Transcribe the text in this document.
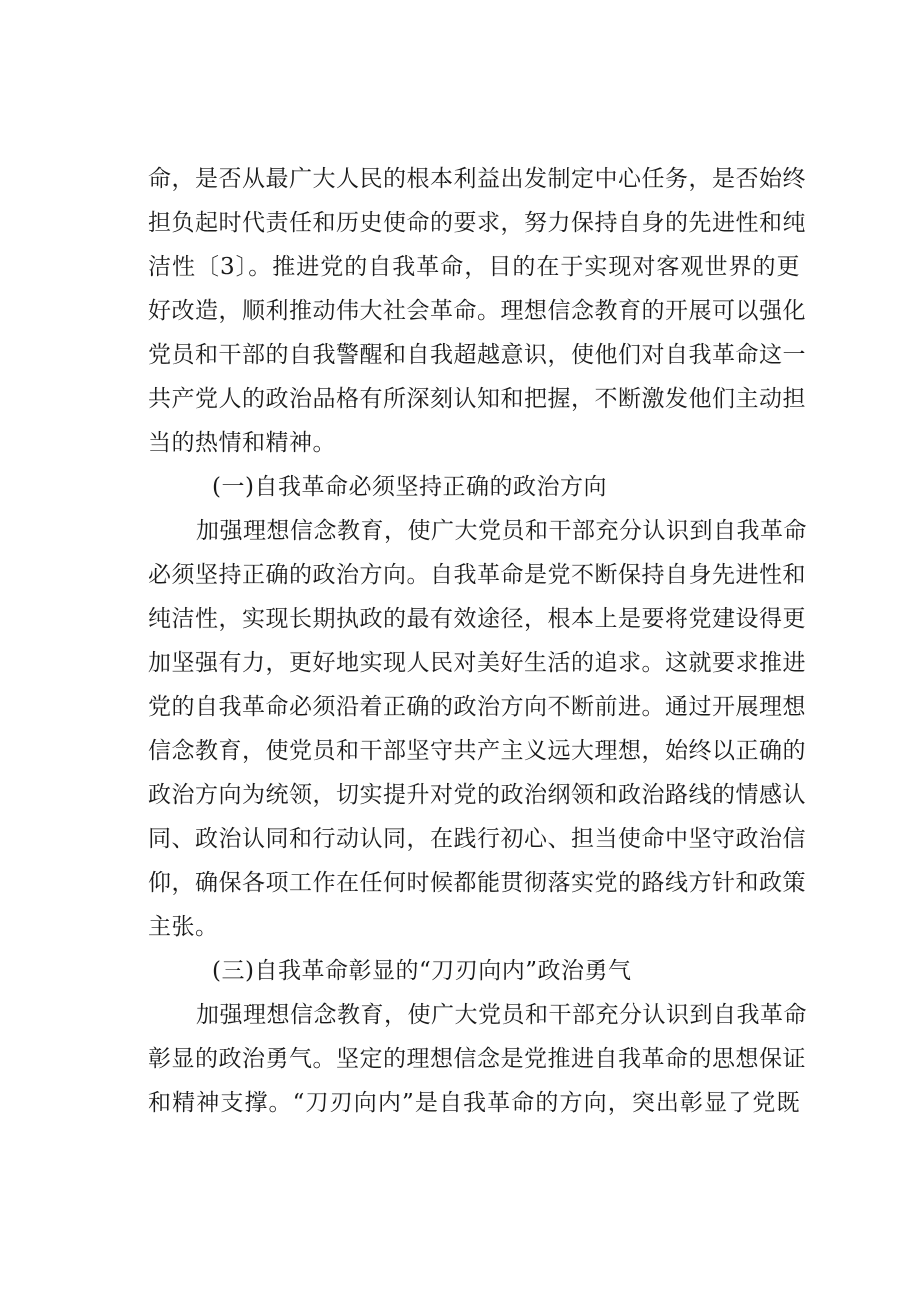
命，是否从最广大人民的根本利益出发制定中心任务，是否始终
担负起时代责任和历史使命的要求，努力保持自身的先进性和纯
洁性〔3〕。推进党的自我革命，目的在于实现对客观世界的更
好改造，顺利推动伟大社会革命。理想信念教育的开展可以强化
党员和干部的自我警醒和自我超越意识，使他们对自我革命这一
共产党人的政治品格有所深刻认知和把握，不断激发他们主动担
当的热情和精神。
(一)自我革命必须坚持正确的政治方向
加强理想信念教育，使广大党员和干部充分认识到自我革命
必须坚持正确的政治方向。自我革命是党不断保持自身先进性和
纯洁性，实现长期执政的最有效途径，根本上是要将党建设得更
加坚强有力，更好地实现人民对美好生活的追求。这就要求推进
党的自我革命必须沿着正确的政治方向不断前进。通过开展理想
信念教育，使党员和干部坚守共产主义远大理想，始终以正确的
政治方向为统领，切实提升对党的政治纲领和政治路线的情感认
同、政治认同和行动认同，在践行初心、担当使命中坚守政治信
仰，确保各项工作在任何时候都能贯彻落实党的路线方针和政策
主张。
(三)自我革命彰显的“刀刃向内”政治勇气
加强理想信念教育，使广大党员和干部充分认识到自我革命
彰显的政治勇气。坚定的理想信念是党推进自我革命的思想保证
和精神支撑。“刀刃向内”是自我革命的方向，突出彰显了党既
